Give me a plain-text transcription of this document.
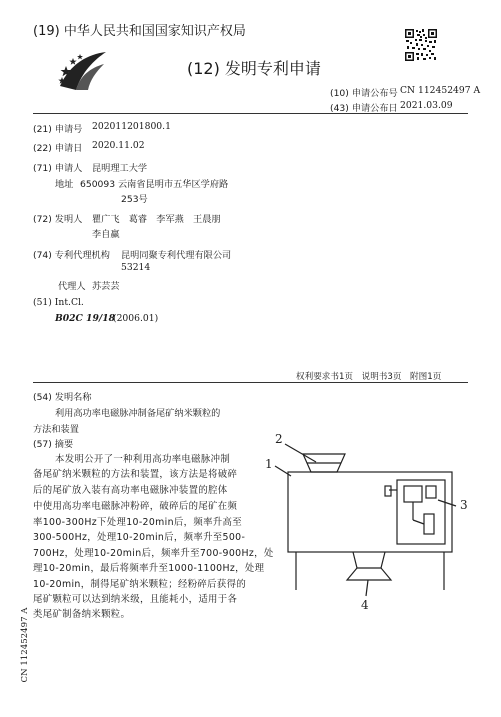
(19) 中华人民共和国国家知识产权局
(12) 发明专利申请
(10) 申请公布号 CN 112452497 A
(43) 申请公布日 2021.03.09
(21) 申请号 202011201800.1
(22) 申请日 2020.11.02
(71) 申请人 昆明理工大学
地址 650093 云南省昆明市五华区学府路
253号
(72) 发明人 瞿广飞　葛睿　李军燕　王晨朋
李自赢
(74) 专利代理机构 昆明同聚专利代理有限公司
53214
代理人 苏芸芸
(51) Int.Cl.
B02C 19/18
(2006.01)
权利要求书1页　说明书3页　附图1页
(54) 发明名称
利用高功率电磁脉冲制备尾矿纳米颗粒的
方法和装置
(57) 摘要
本发明公开了一种利用高功率电磁脉冲制
备尾矿纳米颗粒的方法和装置，该方法是将破碎
后的尾矿放入装有高功率电磁脉冲装置的腔体
中使用高功率电磁脉冲粉碎，破碎后的尾矿在频
率100-300Hz下处理10-20min后，频率升高至
300-500Hz，处理10-20min后，频率升至500-
700Hz，处理10-20min后，频率升至700-900Hz，处
理10-20min，最后将频率升至1000-1100Hz，处理
10-20min，制得尾矿纳米颗粒；经粉碎后获得的
尾矿颗粒可以达到纳米级，且能耗小，适用于各
类尾矿制备纳米颗粒。
2
1
3
4
CN 112452497 A
